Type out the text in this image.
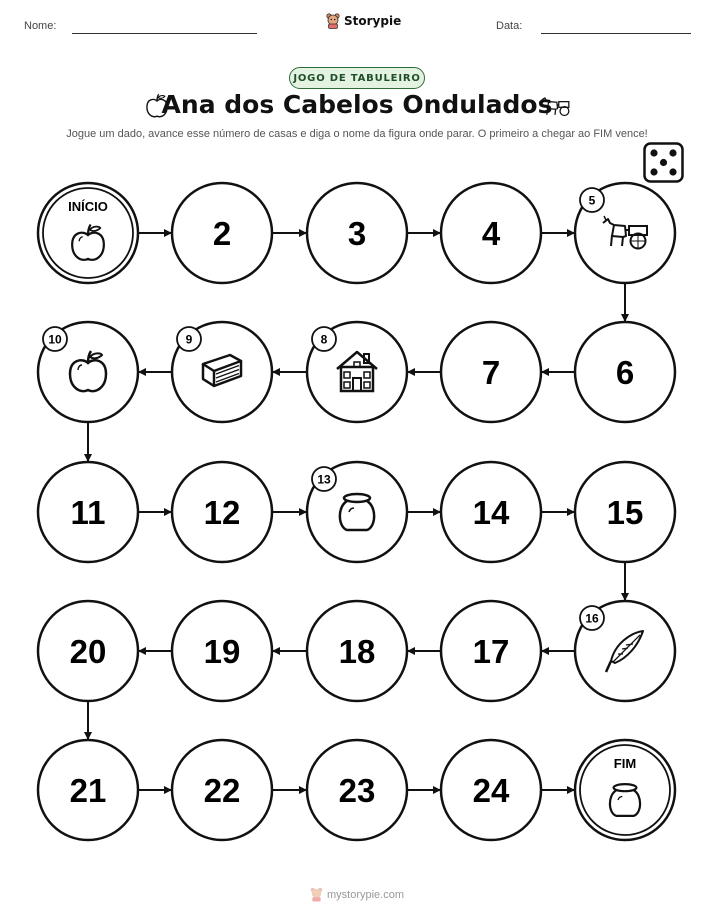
Nome:	Storypie	Data:
JOGO DE TABULEIRO
Ana dos Cabelos Ondulados
Jogue um dado, avance esse número de casas e diga o nome da figura onde parar. O primeiro a chegar ao FIM vence!
INÍCIO
2	3	4
5
6
7
8
9
10
11	12
13
14	15
16
17
18
19
20
21	22	23	24
FIM
mystorypie.com
